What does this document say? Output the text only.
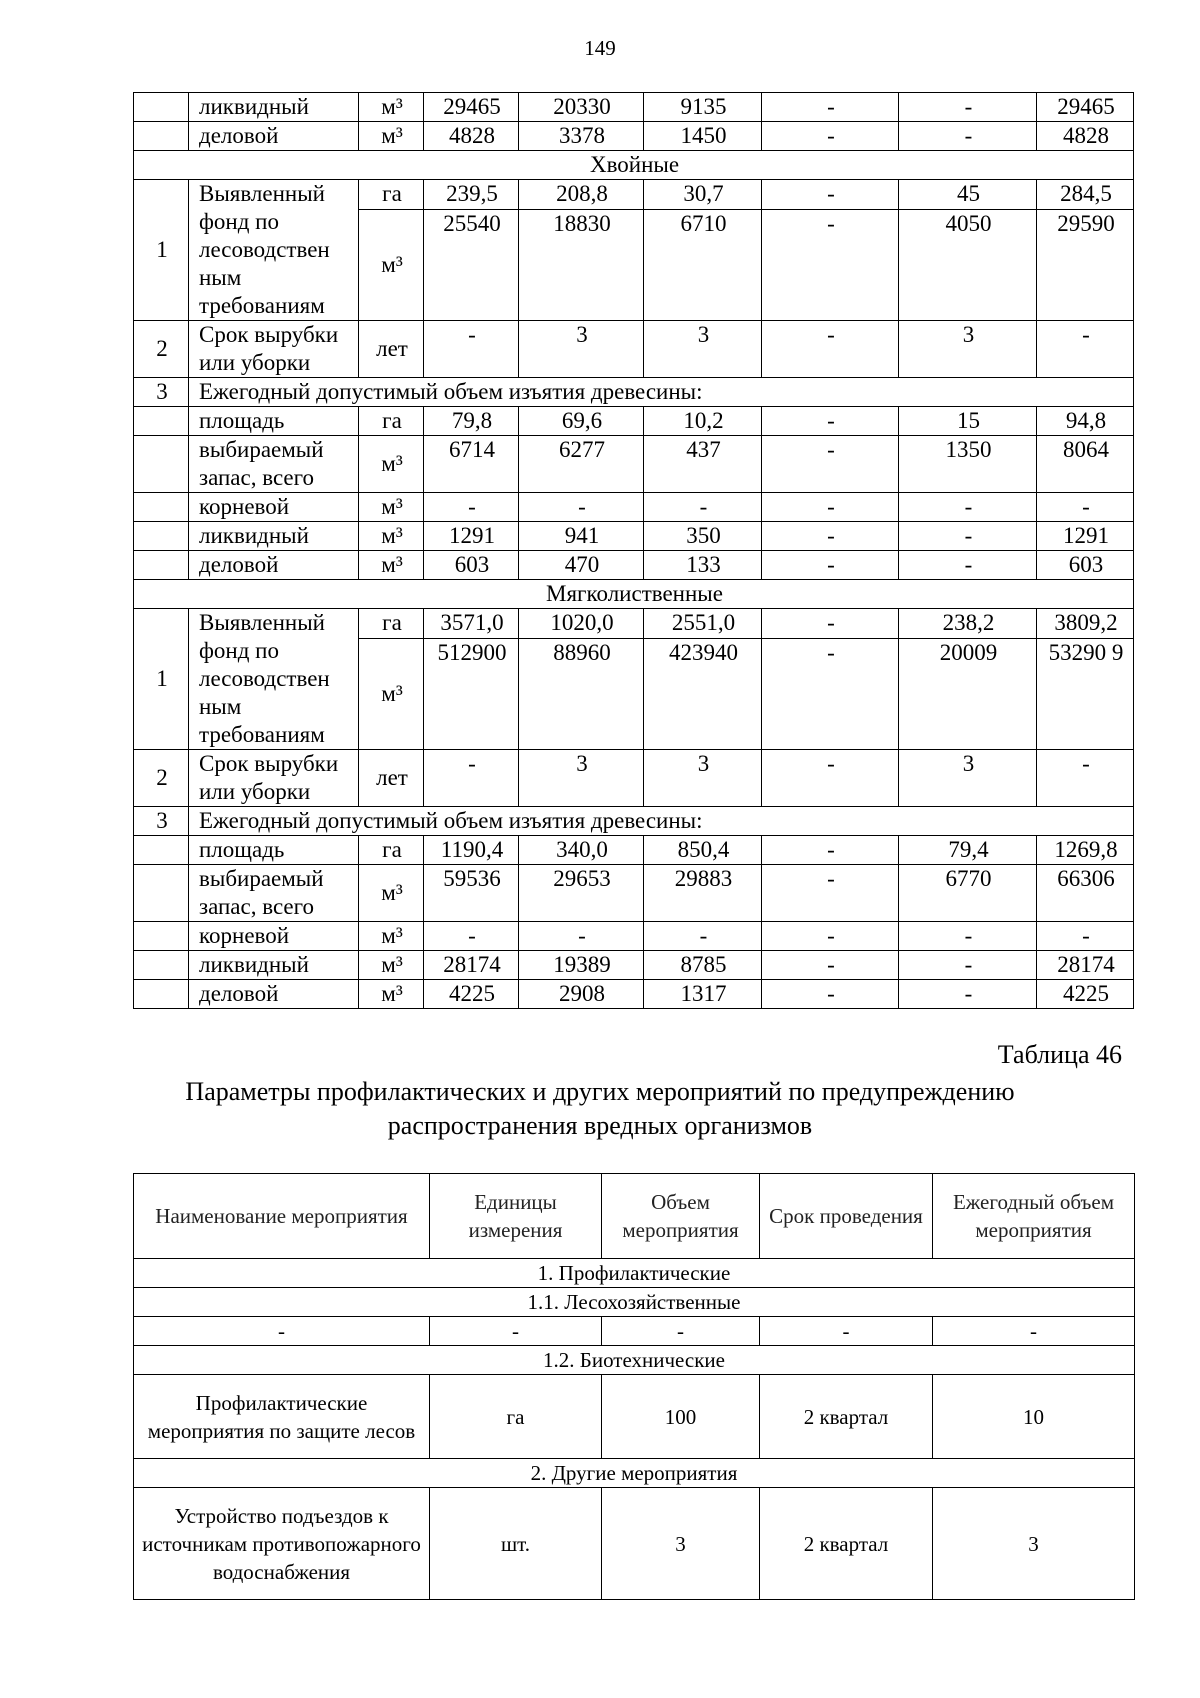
149
	ликвидный	м³	29465	20330	9135	-	-	29465
	деловой	м³	4828	3378	1450	-	-	4828
Хвойные								
1	Выявленный фонд по лесоводствен ным требованиям	га	239,5	208,8	30,7	-	45	284,5
		м³	25540	18830	6710	-	4050	29590
2	Срок вырубки или уборки	лет	-	3	3	-	3	-
3	Ежегодный допустимый объем изъятия древесины:							
	площадь	га	79,8	69,6	10,2	-	15	94,8
	выбираемый запас, всего	м³	6714	6277	437	-	1350	8064
	корневой	м³	-	-	-	-	-	-
	ликвидный	м³	1291	941	350	-	-	1291
	деловой	м³	603	470	133	-	-	603
Мягколиственные								
1	Выявленный фонд по лесоводствен ным требованиям	га	3571,0	1020,0	2551,0	-	238,2	3809,2
		м³	512900	88960	423940	-	20009	53290 9
2	Срок вырубки или уборки	лет	-	3	3	-	3	-
3	Ежегодный допустимый объем изъятия древесины:							
	площадь	га	1190,4	340,0	850,4	-	79,4	1269,8
	выбираемый запас, всего	м³	59536	29653	29883	-	6770	66306
	корневой	м³	-	-	-	-	-	-
	ликвидный	м³	28174	19389	8785	-	-	28174
	деловой	м³	4225	2908	1317	-	-	4225
Таблица 46
Параметры профилактических и других мероприятий по предупреждению
распространения вредных организмов
Наименование мероприятия	Единицы измерения	Объем мероприятия	Срок проведения	Ежегодный объем мероприятия
1. Профилактические				
1.1. Лесохозяйственные				
-	-	-	-	-
1.2. Биотехнические				
Профилактические мероприятия по защите лесов	га	100	2 квартал	10
2. Другие мероприятия				
Устройство подъездов к источникам противопожарного водоснабжения	шт.	3	2 квартал	3
